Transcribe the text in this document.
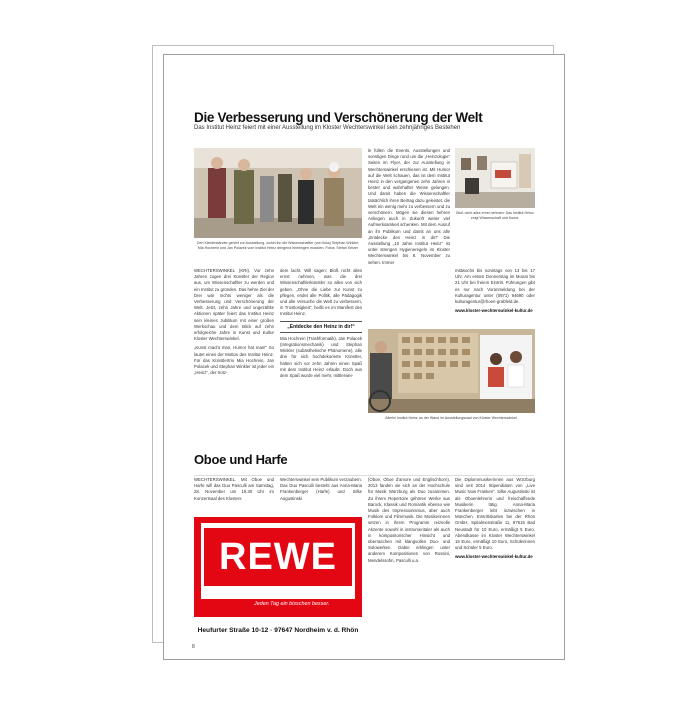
Die Verbesserung und Verschönerung der Welt
Das Institut Heinz feiert mit einer Ausstellung im Kloster Wechterswinkel sein zehnjähriges Bestehen
Den Kleiderständer gehört zur Ausstellung, wohin ihn die Wissenschaftler (von links) Stephan Winkler, Mia Hochrein und Jan Polacek vom Institut Heinz dringend hinbringen mussten. Fotos: Stefan Kritzer

WECHTERSWINKEL (KRI). Vor zehn Jahren zogen drei Künstler der Region aus, um Wissenschaftler zu werden und ein Institut zu gründen. Das hehre Ziel der Drei war nichts weniger als die Verbesserung und Verschönerung der Welt. Jetzt, zehn Jahre und ungezählte Aktionen später feiert das Institut Heinz sein kleines Jubiläum mit einer großen Werkschau und dem Blick auf zehn erfolgreiche Jahre in Kunst und Kultur Kloster Wechterswinkel.

„Kunst macht man, Humor hat man!“ So lautet eines der Mottos des Institut Heinz. Für das Künstlertrio Mia Hochrein, Jan Polacek und Stephan Winkler ist jeder ein „Heinz“, der trotz-

dem lacht. Will sagen: Bloß nicht alles ernst nehmen, was die drei Wissenschaftlerkünstler so alles von sich geben. „Ohne die Liebe zur Kunst zu pflegen, endet alle Politik, alle Pädagogik und alle Versuche die Welt zu verbessern, in Trostlosigkeit“, heißt es im Manifest des Institut Heinz.

„Entdecke den Heinz in dir!“

Mia Hochrein (Trashformatik), Jan Polacek (Integrationsmechanik) und Stephan Winkler (subästhetische Phänomene), alle drei für sich hochdekorierte Künstler, hatten sich vor zehn Jahren einen Spaß mit dem Institut Heinz erlaubt. Doch aus dem Spaß wurde viel mehr, mittlerwei-

le füllen die Events, Ausstellungen und sonstigen Dinge rund um die „Heinzologie“ Seiten im Flyer, der zur Ausstellung in Wechterswinkel erschienen ist. Mit Humor auf die Welt schauen, das ist dem Institut Heinz in den vergangenen zehn Jahren in bester und wahrhafter Weise gelungen. Und damit haben die Wissenschaftler tatsächlich ihren Beitrag dazu geleistet, die Welt ein wenig mehr zu verbessern und zu verschönern. Mögen sie diesen hehren Anliegen auch in Zukunft weiter viel Aufmerksamkeit schenken. Mit dem Ausruf an ihr Publikum und damit an uns alle „Entdecke den Heinz in dir!“ Die Ausstellung „10 Jahre Institut Heinz“ ist unter strengen Hygieneregeln im Kloster Wechterswinkel bis 8. November zu sehen. Immer

Bloß nicht alles ernst nehmen: Das Institut Heinz zeigt Wissenschaft und Kunst.

mittwochs bis sonntags von 13 bis 17 Uhr. Am ersten Donnerstag im Monat bis 21 Uhr bei freiem Eintritt. Führungen gibt es nur nach Voranmeldung bei der Kulturagentur unter (0971) 94690 oder kulturagentur@rhoen-grabfeld.de.

www.kloster-wechterswinkel-kultur.de

Allerlei Institut Heinz an der Wand im Ausstellungssaal von Kloster Wechterswinkel.
Oboe und Harfe

WECHTERSWINKEL. Mit Oboe und Harfe will das Duo Pasculli am Samstag, 28. November um 19.30 Uhr im Konzertsaal des Klosters

Wechterswinkel sein Publikum verzaubern. Das Duo Pasculli besteht aus Anna-Maria Frankenberger (Harfe) und Silke Augustinski

(Oboe, Oboe d'amore und Englischhorn). 2013 fanden sie sich an der Hochschule für Musik Würzburg als Duo zusammen. Zu ihrem Repertoire gehören Werke aus Barock, Klassik und Romantik ebenso wie Musik des Impressionismus, aber auch Folklore und Filmmusik. Die Musikerinnen setzen in ihrem Programm reizvolle Akzente sowohl in instrumentaler als auch in kompositorischer Hinsicht und überraschen mit klangvollen Duo- und Solowerken. Dabei erklingen unter anderem Kompositionen von Rossini, Mendelssohn, Pasculli u.a.

Die Diplommusikerinnen aus Würzburg sind seit 2014 Stipendiaten von „Live Music Now Franken“. Silke Augustinski ist als Oboenlehrerin und freischaffende Musikerin tätig. Anna-Maria Frankenberger lebt inzwischen in München. Eintrittskarten bei der Rhön GmbH, Spitalmenstraße 11, 97616 Bad Neustadt für 10 Euro, ermäßigt 5 Euro. Abendkasse im Kloster Wechterswinkel 15 Euro, ermäßigt 10 Euro, Schülerinnen und Schüler 5 Euro.

www.kloster-wechterswinkel-kultur.de

REWE
Jeden Tag ein bisschen besser.
Heufurter Straße 10-12 · 97647 Nordheim v. d. Rhön
8
